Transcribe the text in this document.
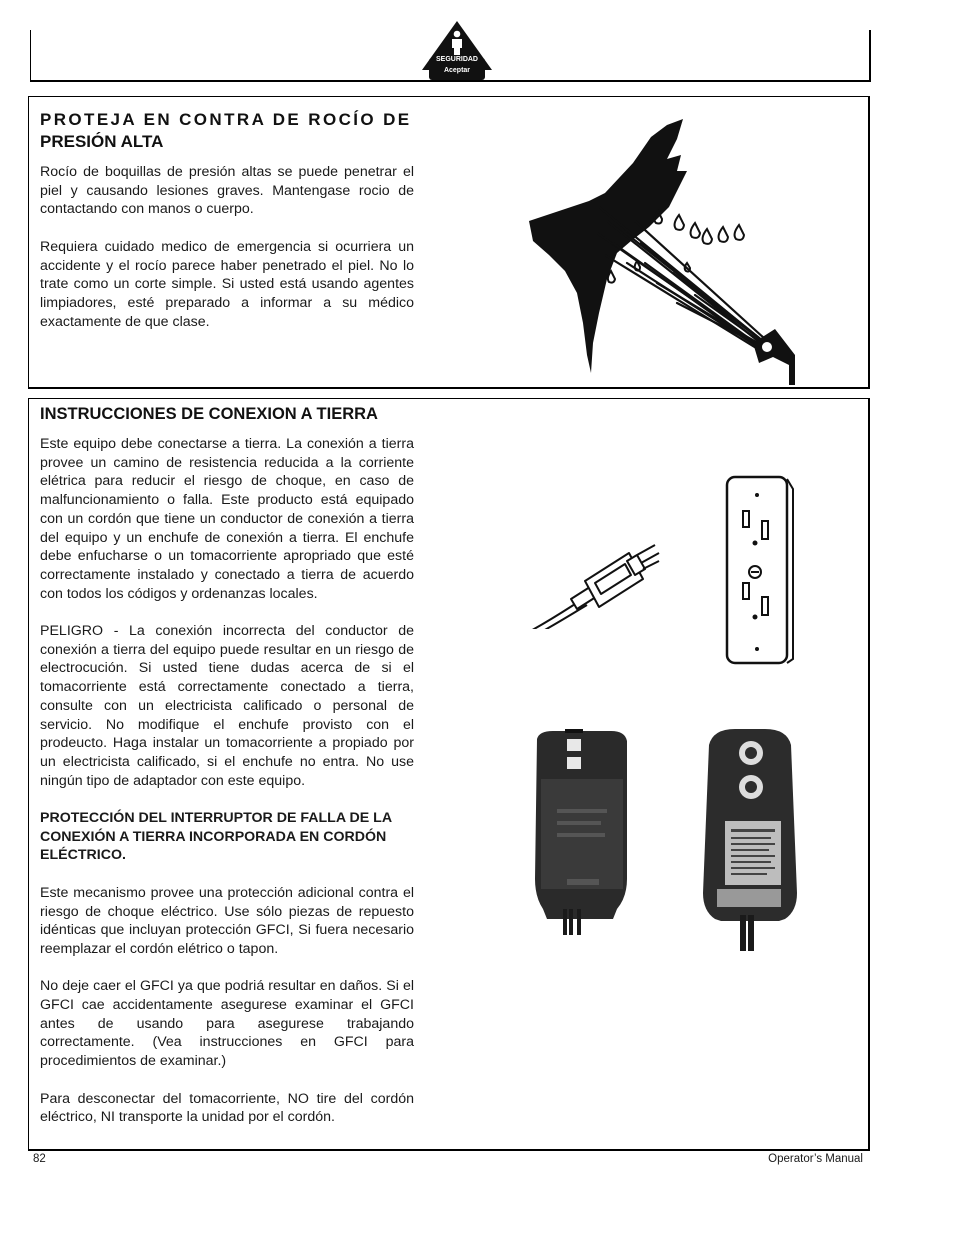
SEGURIDAD
Aceptar
PROTEJA EN CONTRA DE ROCÍO DE
PRESIÓN ALTA

Rocío de boquillas de presión altas se puede penetrar el piel y causando lesiones graves. Mantengase rocio de contactando con manos o cuerpo.

Requiera cuidado medico de emergencia si ocurriera un accidente y el rocío parece haber penetrado el piel. No lo trate como un corte simple. Si usted está usando agentes limpiadores, esté preparado a informar a su médico exactamente de que clase.

INSTRUCCIONES DE CONEXION A TIERRA

Este equipo debe conectarse a tierra. La conexión a tierra provee un camino de resistencia reducida a la corriente elétrica para reducir el riesgo de choque, en caso de malfuncionamiento o falla. Este producto está equipado con un cordón que tiene un conductor de conexión a tierra del equipo y un enchufe de conexión a tierra. El enchufe debe enfucharse o un tomacorriente apropriado que esté correctamente instalado y conectado a tierra de acuerdo con todos los códigos y ordenanzas locales.

PELIGRO - La conexión incorrecta del conductor de conexión a tierra del equipo puede resultar en un riesgo de electrocución. Si usted tiene dudas acerca de si el tomacorriente está correctamente conectado a tierra, consulte con un electricista calificado o personal de servicio. No modifique el enchufe provisto con el prodeucto. Haga instalar un tomacorriente a propiado por un electricista calificado, si el enchufe no entra. No use ningún tipo de adaptador con este equipo.

PROTECCIÓN DEL INTERRUPTOR DE FALLA DE LA CONEXIÓN A TIERRA INCORPORADA EN CORDÓN ELÉCTRICO.

Este mecanismo provee una protección adicional contra el riesgo de choque eléctrico. Use sólo piezas de repuesto idénticas que incluyan protección GFCI, Si fuera necesario reemplazar el cordón elétrico o tapon.

No deje caer el GFCI ya que podriá resultar en daños. Si el GFCI cae accidentamente asegurese examinar el GFCI antes de usando para asegurese trabajando correctamente. (Vea instrucciones en GFCI para procedimientos de examinar.)

Para desconectar del tomacorriente, NO tire del cordón eléctrico, NI transporte la unidad por el cordón.

82	Operator’s Manual
